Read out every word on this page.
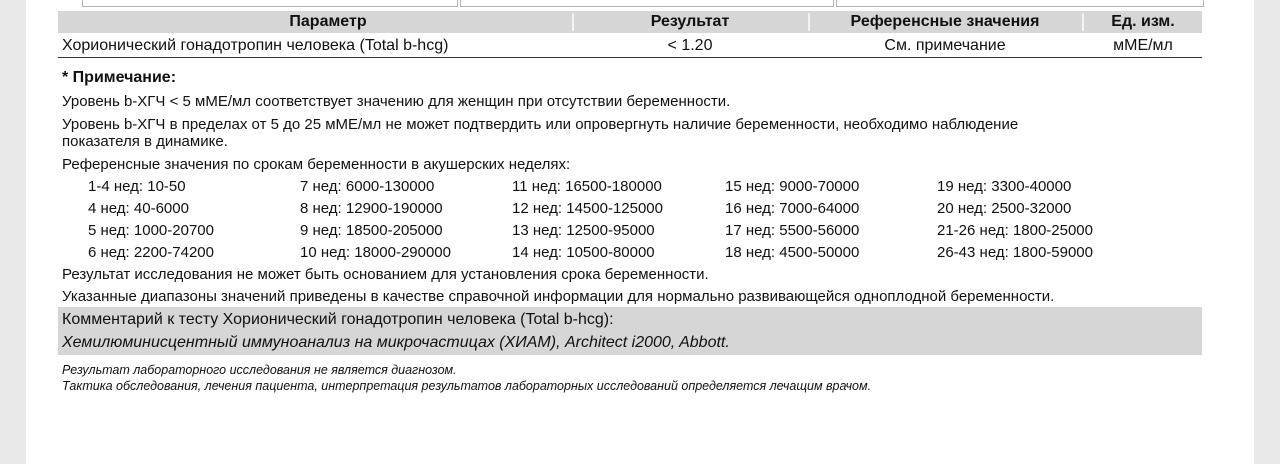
Параметр	Результат	Референсные значения	Ед. изм.
Хорионический гонадотропин человека (Total b-hcg)	< 1.20	См. примечание	мМЕ/мл
* Примечание:
Уровень b-ХГЧ < 5 мМЕ/мл соответствует значению для женщин при отсутствии беременности.
Уровень b-ХГЧ в пределах от 5 до 25 мМЕ/мл не может подтвердить или опровергнуть наличие беременности, необходимо наблюдение
показателя в динамике.
Референсные значения по срокам беременности в акушерских неделях:
1-4 нед: 10-50	7 нед: 6000-130000	11 нед: 16500-180000	15 нед: 9000-70000	19 нед: 3300-40000
4 нед: 40-6000	8 нед: 12900-190000	12 нед: 14500-125000	16 нед: 7000-64000	20 нед: 2500-32000
5 нед: 1000-20700	9 нед: 18500-205000	13 нед: 12500-95000	17 нед: 5500-56000	21-26 нед: 1800-25000
6 нед: 2200-74200	10 нед: 18000-290000	14 нед: 10500-80000	18 нед: 4500-50000	26-43 нед: 1800-59000
Результат исследования не может быть основанием для установления срока беременности.
Указанные диапазоны значений приведены в качестве справочной информации для нормально развивающейся одноплодной беременности.
Комментарий к тесту Хорионический гонадотропин человека (Total b-hcg):
Хемилюминисцентный иммуноанализ на микрочастицах (ХИАМ), Architect i2000, Abbott.
Результат лабораторного исследования не является диагнозом.
Тактика обследования, лечения пациента, интерпретация результатов лабораторных исследований определяется лечащим врачом.
